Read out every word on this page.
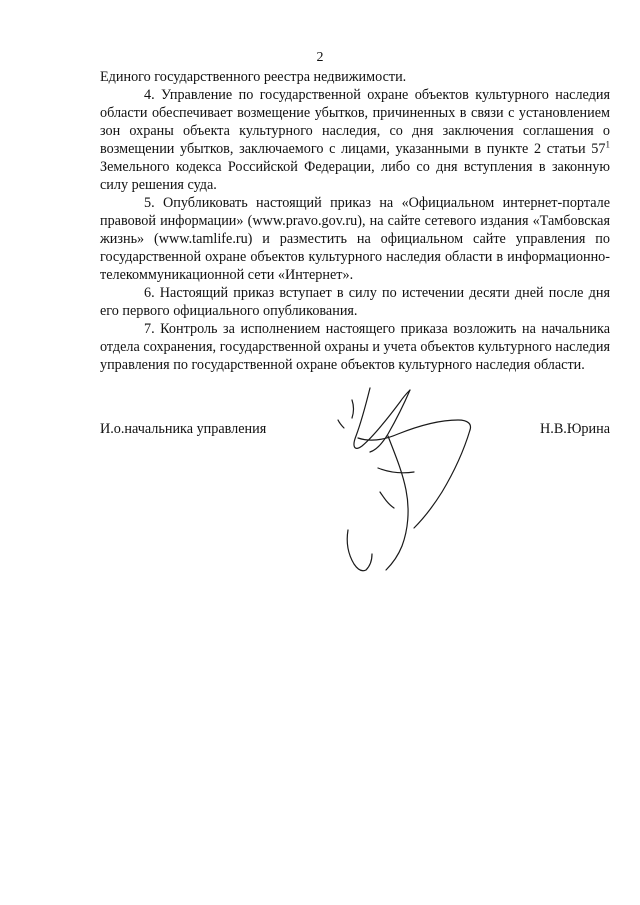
2

Единого государственного реестра недвижимости.

4. Управление по государственной охране объектов культурного наследия области обеспечивает возмещение убытков, причиненных в связи с установлением зон охраны объекта культурного наследия, со дня заключения соглашения о возмещении убытков, заключаемого с лицами, указанными в пункте 2 статьи $57^1$ Земельного кодекса Российской Федерации, либо со дня вступления в законную силу решения суда.

5. Опубликовать настоящий приказ на «Официальном интернет-портале правовой информации» (www.pravo.gov.ru), на сайте сетевого издания «Тамбовская жизнь» (www.tamlife.ru) и разместить на официальном сайте управления по государственной охране объектов культурного наследия области в информационно-телекоммуникационной сети «Интернет».

6. Настоящий приказ вступает в силу по истечении десяти дней после дня его первого официального опубликования.

7. Контроль за исполнением настоящего приказа возложить на начальника отдела сохранения, государственной охраны и учета объектов культурного наследия управления по государственной охране объектов культурного наследия области.

И.о.начальника управления	Н.В.Юрина
